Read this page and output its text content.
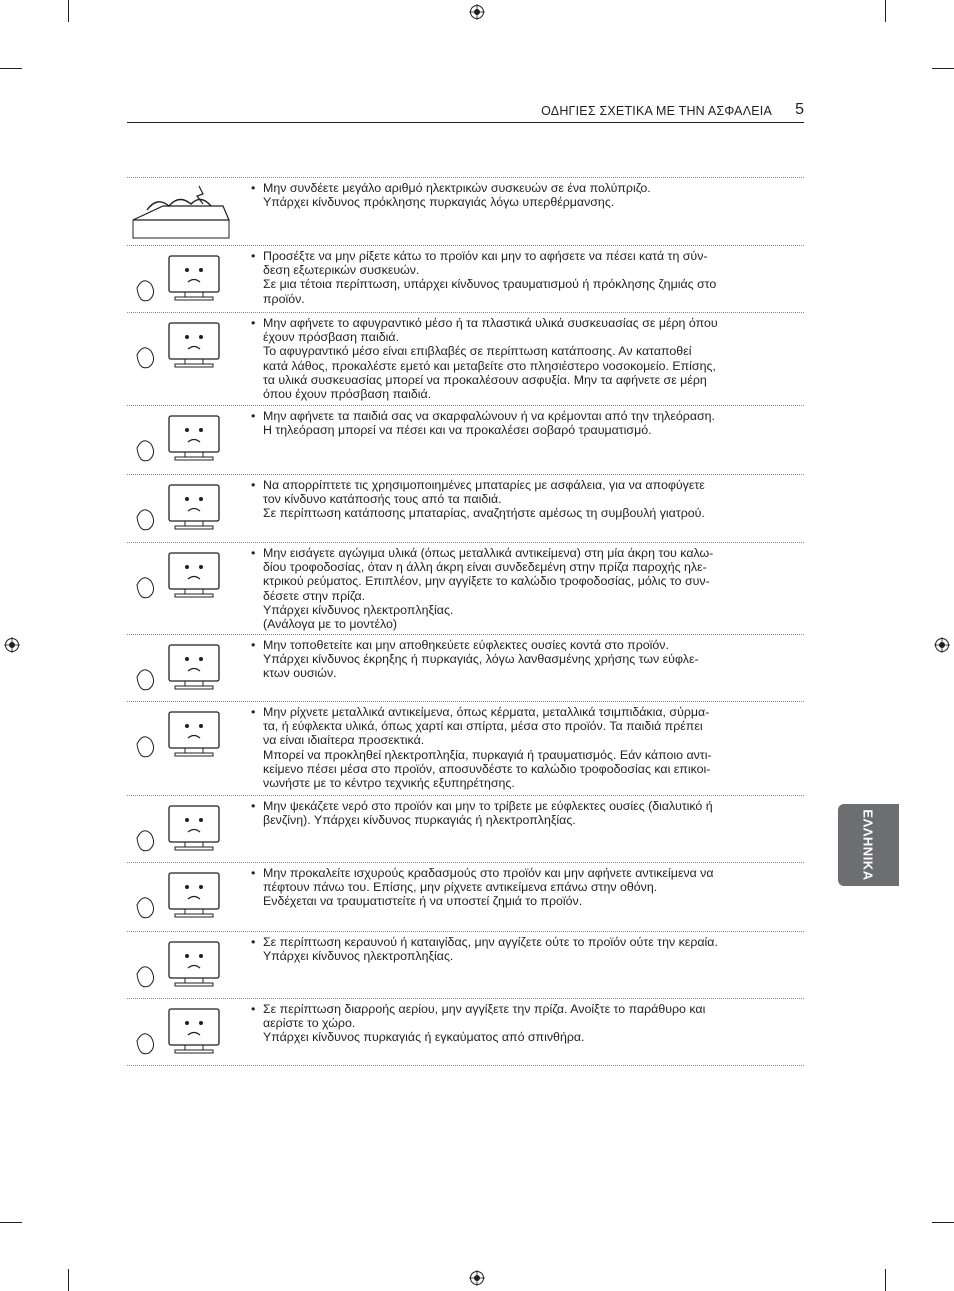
ΟΔΗΓΙΕΣ ΣΧΕΤΙΚΑ ΜΕ ΤΗΝ ΑΣΦΑΛΕΙΑ 5
• Μην συνδέετε μεγάλο αριθμό ηλεκτρικών συσκευών σε ένα πολύπριζο.
Υπάρχει κίνδυνος πρόκλησης πυρκαγιάς λόγω υπερθέρμανσης.
• Προσέξτε να μην ρίξετε κάτω το προϊόν και μην το αφήσετε να πέσει κατά τη σύν-
δεση εξωτερικών συσκευών.
Σε μια τέτοια περίπτωση, υπάρχει κίνδυνος τραυματισμού ή πρόκλησης ζημιάς στο
προϊόν.
• Μην αφήνετε το αφυγραντικό μέσο ή τα πλαστικά υλικά συσκευασίας σε μέρη όπου
έχουν πρόσβαση παιδιά.
Το αφυγραντικό μέσο είναι επιβλαβές σε περίπτωση κατάποσης. Αν καταποθεί
κατά λάθος, προκαλέστε εμετό και μεταβείτε στο πλησιέστερο νοσοκομείο. Επίσης,
τα υλικά συσκευασίας μπορεί να προκαλέσουν ασφυξία. Μην τα αφήνετε σε μέρη
όπου έχουν πρόσβαση παιδιά.
• Μην αφήνετε τα παιδιά σας να σκαρφαλώνουν ή να κρέμονται από την τηλεόραση.
Η τηλεόραση μπορεί να πέσει και να προκαλέσει σοβαρό τραυματισμό.
• Να απορρίπτετε τις χρησιμοποιημένες μπαταρίες με ασφάλεια, για να αποφύγετε
τον κίνδυνο κατάποσής τους από τα παιδιά.
Σε περίπτωση κατάποσης μπαταρίας, αναζητήστε αμέσως τη συμβουλή γιατρού.
• Μην εισάγετε αγώγιμα υλικά (όπως μεταλλικά αντικείμενα) στη μία άκρη του καλω-
δίου τροφοδοσίας, όταν η άλλη άκρη είναι συνδεδεμένη στην πρίζα παροχής ηλε-
κτρικού ρεύματος. Επιπλέον, μην αγγίξετε το καλώδιο τροφοδοσίας, μόλις το συν-
δέσετε στην πρίζα.
Υπάρχει κίνδυνος ηλεκτροπληξίας.
(Ανάλογα με το μοντέλο)
• Μην τοποθετείτε και μην αποθηκεύετε εύφλεκτες ουσίες κοντά στο προϊόν.
Υπάρχει κίνδυνος έκρηξης ή πυρκαγιάς, λόγω λανθασμένης χρήσης των εύφλε-
κτων ουσιών.
• Μην ρίχνετε μεταλλικά αντικείμενα, όπως κέρματα, μεταλλικά τσιμπιδάκια, σύρμα-
τα, ή εύφλεκτα υλικά, όπως χαρτί και σπίρτα, μέσα στο προϊόν. Τα παιδιά πρέπει
να είναι ιδιαίτερα προσεκτικά.
Μπορεί να προκληθεί ηλεκτροπληξία, πυρκαγιά ή τραυματισμός. Εάν κάποιο αντι-
κείμενο πέσει μέσα στο προϊόν, αποσυνδέστε το καλώδιο τροφοδοσίας και επικοι-
νωνήστε με το κέντρο τεχνικής εξυπηρέτησης.
• Μην ψεκάζετε νερό στο προϊόν και μην το τρίβετε με εύφλεκτες ουσίες (διαλυτικό ή
βενζίνη). Υπάρχει κίνδυνος πυρκαγιάς ή ηλεκτροπληξίας.
• Μην προκαλείτε ισχυρούς κραδασμούς στο προϊόν και μην αφήνετε αντικείμενα να
πέφτουν πάνω του. Επίσης, μην ρίχνετε αντικείμενα επάνω στην οθόνη.
Ενδέχεται να τραυματιστείτε ή να υποστεί ζημιά το προϊόν.
• Σε περίπτωση κεραυνού ή καταιγίδας, μην αγγίζετε ούτε το προϊόν ούτε την κεραία.
Υπάρχει κίνδυνος ηλεκτροπληξίας.
• Σε περίπτωση διαρροής αερίου, μην αγγίξετε την πρίζα. Ανοίξτε το παράθυρο και
αερίστε το χώρο.
Υπάρχει κίνδυνος πυρκαγιάς ή εγκαύματος από σπινθήρα.
ΕΛΛΗΝΙΚΑ
